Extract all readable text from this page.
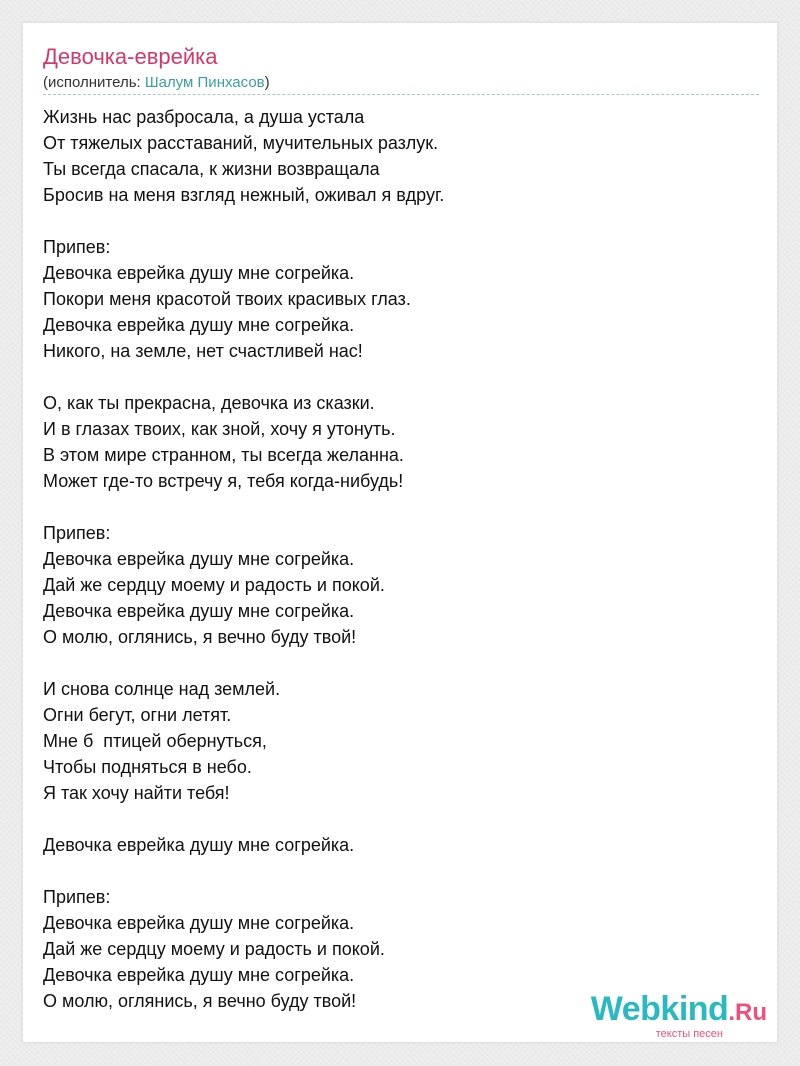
Девочка-еврейка
(исполнитель: Шалум Пинхасов)
Жизнь нас разбросала, а душа устала
От тяжелых расставаний, мучительных разлук.
Ты всегда спасала, к жизни возвращала
Бросив на меня взгляд нежный, оживал я вдруг.
Припев:
Девочка еврейка душу мне согрейка.
Покори меня красотой твоих красивых глаз.
Девочка еврейка душу мне согрейка.
Никого, на земле, нет счастливей нас!
О, как ты прекрасна, девочка из сказки.
И в глазах твоих, как зной, хочу я утонуть.
В этом мире странном, ты всегда желанна.
Может где-то встречу я, тебя когда-нибудь!
Припев:
Девочка еврейка душу мне согрейка.
Дай же сердцу моему и радость и покой.
Девочка еврейка душу мне согрейка.
О молю, оглянись, я вечно буду твой!
И снова солнце над землей.
Огни бегут, огни летят.
Мне б  птицей обернуться,
Чтобы подняться в небо.
Я так хочу найти тебя!
Девочка еврейка душу мне согрейка.
Припев:
Девочка еврейка душу мне согрейка.
Дай же сердцу моему и радость и покой.
Девочка еврейка душу мне согрейка.
О молю, оглянись, я вечно буду твой!	Webkind.Ru
тексты песен
